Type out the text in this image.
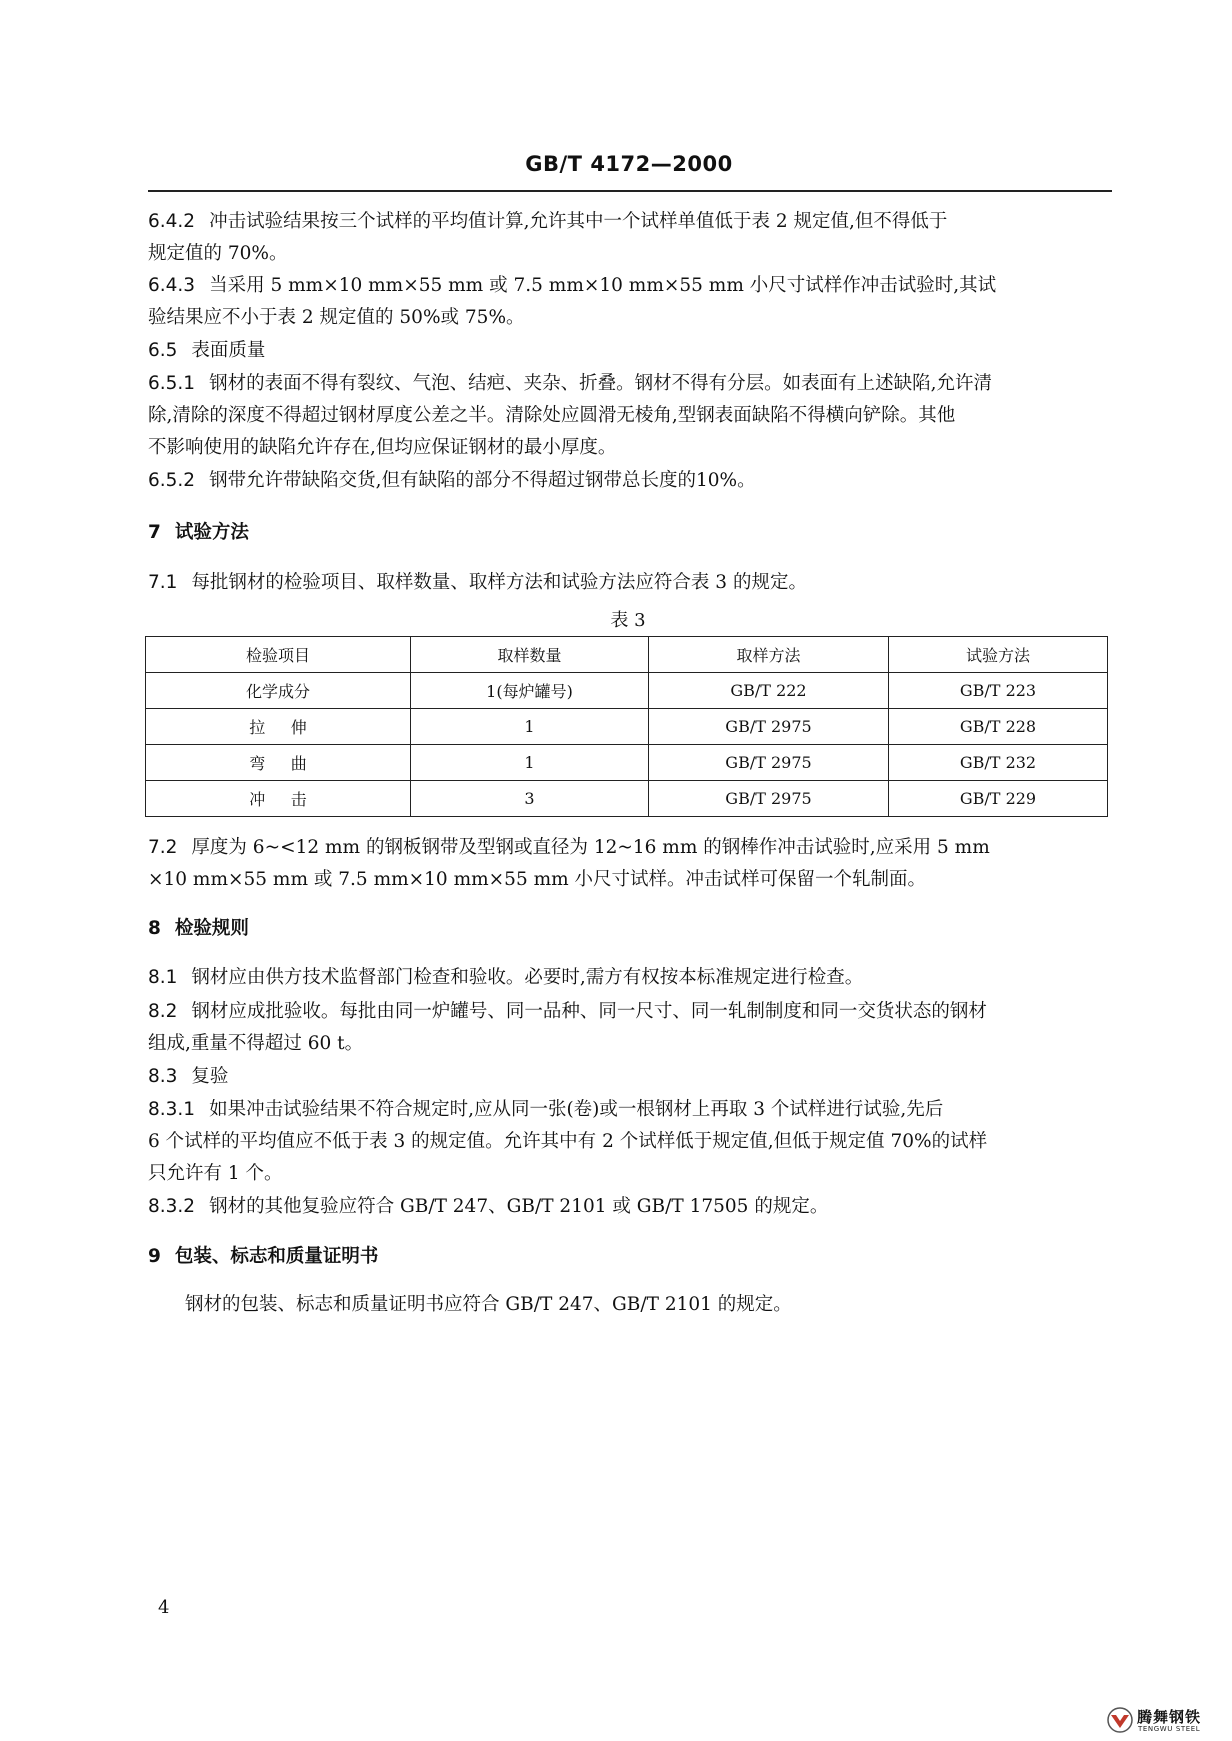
GB/T 4172—2000
6.4.2 冲击试验结果按三个试样的平均值计算,允许其中一个试样单值低于表 2 规定值,但不得低于
规定值的 70%。
6.4.3 当采用 5 mm×10 mm×55 mm 或 7.5 mm×10 mm×55 mm 小尺寸试样作冲击试验时,其试
验结果应不小于表 2 规定值的 50%或 75%。
6.5 表面质量
6.5.1 钢材的表面不得有裂纹、气泡、结疤、夹杂、折叠。钢材不得有分层。如表面有上述缺陷,允许清
除,清除的深度不得超过钢材厚度公差之半。清除处应圆滑无棱角,型钢表面缺陷不得横向铲除。其他
不影响使用的缺陷允许存在,但均应保证钢材的最小厚度。
6.5.2 钢带允许带缺陷交货,但有缺陷的部分不得超过钢带总长度的10%。
7 试验方法
7.1 每批钢材的检验项目、取样数量、取样方法和试验方法应符合表 3 的规定。
表 3
检验项目	取样数量	取样方法	试验方法
化学成分	1(每炉罐号)	GB/T 222	GB/T 223
拉伸	1	GB/T 2975	GB/T 228
弯曲	1	GB/T 2975	GB/T 232
冲击	3	GB/T 2975	GB/T 229
7.2 厚度为 6~<12 mm 的钢板钢带及型钢或直径为 12~16 mm 的钢棒作冲击试验时,应采用 5 mm
×10 mm×55 mm 或 7.5 mm×10 mm×55 mm 小尺寸试样。冲击试样可保留一个轧制面。
8 检验规则
8.1 钢材应由供方技术监督部门检查和验收。必要时,需方有权按本标准规定进行检查。
8.2 钢材应成批验收。每批由同一炉罐号、同一品种、同一尺寸、同一轧制制度和同一交货状态的钢材
组成,重量不得超过 60 t。
8.3 复验
8.3.1 如果冲击试验结果不符合规定时,应从同一张(卷)或一根钢材上再取 3 个试样进行试验,先后
6 个试样的平均值应不低于表 3 的规定值。允许其中有 2 个试样低于规定值,但低于规定值 70%的试样
只允许有 1 个。
8.3.2 钢材的其他复验应符合 GB/T 247、GB/T 2101 或 GB/T 17505 的规定。
9 包装、标志和质量证明书
钢材的包装、标志和质量证明书应符合 GB/T 247、GB/T 2101 的规定。
4
腾舞钢铁
TENGWU STEEL
